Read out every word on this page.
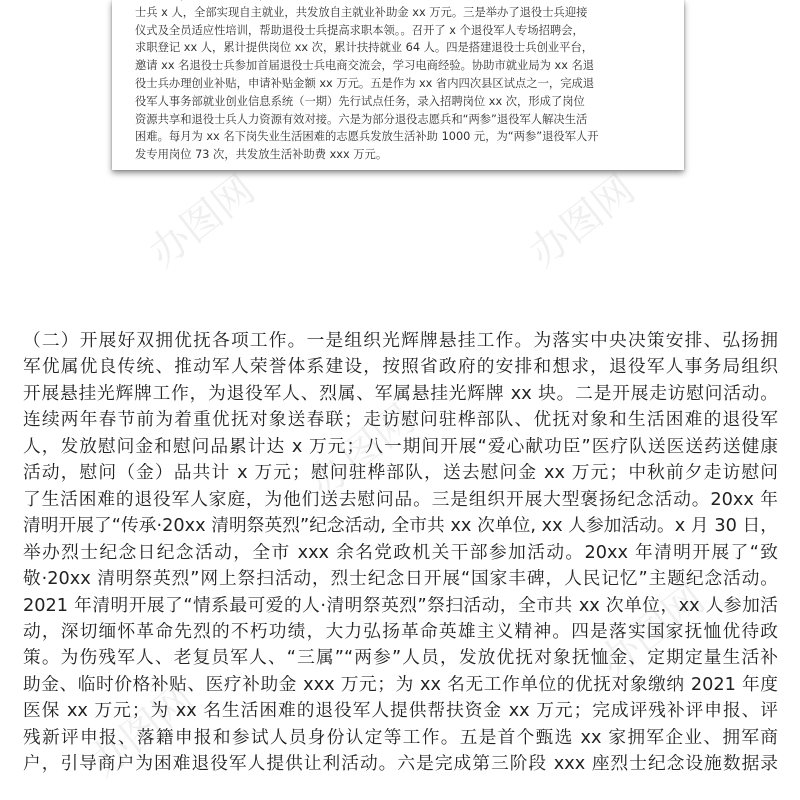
士兵 x 人，全部实现自主就业，共发放自主就业补助金 xx 万元。三是举办了退役士兵迎接
仪式及全员适应性培训，帮助退役士兵提高求职本领。。召开了 x 个退役军人专场招聘会，
求职登记 xx 人，累计提供岗位 xx 次，累计扶持就业 64 人。四是搭建退役士兵创业平台，
邀请 xx 名退役士兵参加首届退役士兵电商交流会，学习电商经验。协助市就业局为 xx 名退
役士兵办理创业补贴，申请补贴金额 xx 万元。五是作为 xx 省内四次县区试点之一，完成退
役军人事务部就业创业信息系统（一期）先行试点任务，录入招聘岗位 xx 次，形成了岗位
资源共享和退役士兵人力资源有效对接。六是为部分退役志愿兵和“两参”退役军人解决生活
困难。每月为 xx 名下岗失业生活困难的志愿兵发放生活补助 1000 元，为“两参”退役军人开
发专用岗位 73 次，共发放生活补助费 xxx 万元。
办图网
办图网
办图网
（二）开展好双拥优抚各项工作。一是组织光辉牌悬挂工作。为落实中央决策安排、弘扬拥
军优属优良传统、推动军人荣誉体系建设，按照省政府的安排和想求，退役军人事务局组织
开展悬挂光辉牌工作，为退役军人、烈属、军属悬挂光辉牌 xx 块。二是开展走访慰问活动。
连续两年春节前为着重优抚对象送春联；走访慰问驻桦部队、优抚对象和生活困难的退役军
人，发放慰问金和慰问品累计达 x 万元；八一期间开展“爱心献功臣”医疗队送医送药送健康
活动，慰问（金）品共计 x 万元；慰问驻桦部队，送去慰问金 xx 万元；中秋前夕走访慰问
了生活困难的退役军人家庭，为他们送去慰问品。三是组织开展大型褒扬纪念活动。20xx 年
清明开展了“传承·20xx 清明祭英烈”纪念活动, 全市共 xx 次单位, xx 人参加活动。x 月 30 日，
举办烈士纪念日纪念活动，全市 xxx 余名党政机关干部参加活动。20xx 年清明开展了“致
敬·20xx 清明祭英烈”网上祭扫活动，烈士纪念日开展“国家丰碑，人民记忆”主题纪念活动。
2021 年清明开展了“情系最可爱的人·清明祭英烈”祭扫活动，全市共 xx 次单位，xx 人参加活
动，深切缅怀革命先烈的不朽功绩，大力弘扬革命英雄主义精神。四是落实国家抚恤优待政
策。为伤残军人、老复员军人、“三属”“两参”人员，发放优抚对象抚恤金、定期定量生活补
助金、临时价格补贴、医疗补助金 xxx 万元；为 xx 名无工作单位的优抚对象缴纳 2021 年度
医保 xx 万元；为 xx 名生活困难的退役军人提供帮扶资金 xx 万元；完成评残补评申报、评
残新评申报、落籍申报和参试人员身份认定等工作。五是首个甄选 xx 家拥军企业、拥军商
户，引导商户为困难退役军人提供让利活动。六是完成第三阶段 xxx 座烈士纪念设施数据录
